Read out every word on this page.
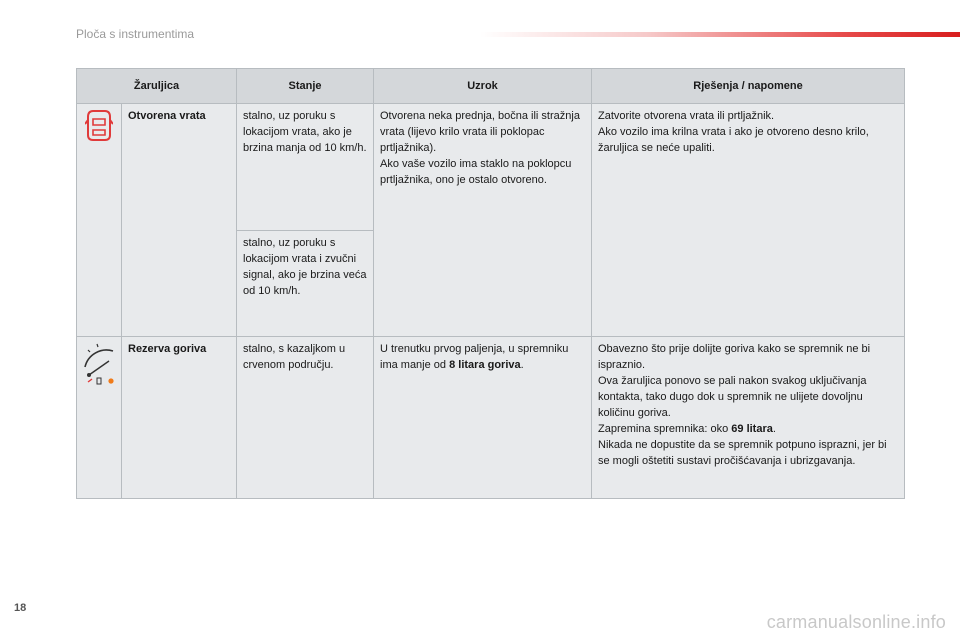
Ploča s instrumentima
Žaruljica		Stanje	Uzrok	Rješenja / napomene
	Otvorena vrata	stalno, uz poruku s lokacijom vrata, ako je brzina manja od 10 km/h.	Otvorena neka prednja, bočna ili stražnja vrata (lijevo krilo vrata ili poklopac prtljažnika).
Ako vaše vozilo ima staklo na poklopcu prtljažnika, ono je ostalo otvoreno.	Zatvorite otvorena vrata ili prtljažnik.
Ako vozilo ima krilna vrata i ako je otvoreno desno krilo, žaruljica se neće upaliti.
		stalno, uz poruku s lokacijom vrata i zvučni signal, ako je brzina veća od 10 km/h.		
	Rezerva goriva	stalno, s kazaljkom u crvenom području.	U trenutku prvog paljenja, u spremniku ima manje od 8 litara goriva.	Obavezno što prije dolijte goriva kako se spremnik ne bi ispraznio.
Ova žaruljica ponovo se pali nakon svakog uključivanja kontakta, tako dugo dok u spremnik ne ulijete dovoljnu količinu goriva.
Zapremina spremnika: oko 69 litara.
Nikada ne dopustite da se spremnik potpuno isprazni, jer bi se mogli oštetiti sustavi pročišćavanja i ubrizgavanja.
18
carmanualsonline.info
